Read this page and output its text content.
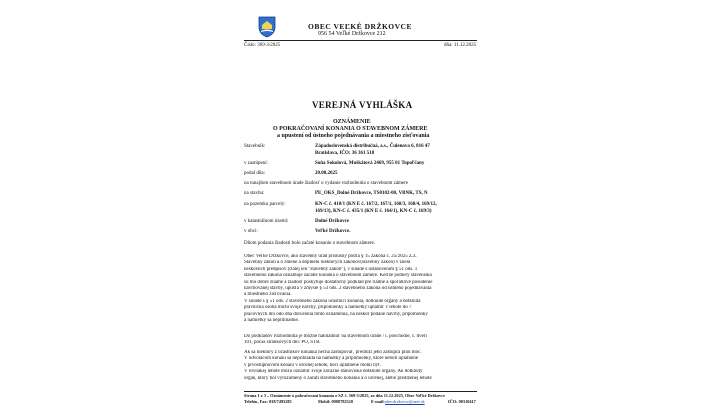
OBEC VEĽKÉ DRŽKOVCE
956 54 Veľké Držkovce 212
Číslo: 369-3/2025	dňa: 11.12.2025
VEREJNÁ VYHLÁŠKA
OZNÁMENIE
O POKRAČOVANÍ KONANIA O STAVEBNOM ZÁMERE
a upustení od ústneho pojednávania a miestneho zisťovania
Stavebník:	Západoslovenská distribučná, a.s., Čulenova 6, 816 47
Bratislava, IČO: 36 361 518
v zastúpení:	Soňa Sokolová, Muškátová 2469, 955 01 Topoľčany
podal dňa:	20.08.2025
na tunajšom stavebnom úrade žiadosť o vydanie rozhodnutia o stavebnom zámere
na stavbu:	PE_OKS_Dolné Držkovce, TS0102-00, VBNK, TS, N
na pozemku parcely:	KN-C č. 410/1 (KN E č. 167/2, 167/1, 168/3, 168/4, 169/12,
169/13), KN-C č. 435/1 (KN E č. 164/1), KN-C č. 169/3)
v katastrálnom území:	Dolné Držkovce
v obci:	Veľké Držkovce.
Dňom podania žiadosti bolo začaté konanie o stavebnom zámere.
Obec Veľké Držkovce, ako stavebný úrad príslušný podľa § 15 zákona č. 25/2025 Z.z.
Stavebný zákon a o zmene a doplnení niektorých zákonov(stavebný zákon) v znení
neskorších predpisov (ďalej len "stavebný zákon"), v súlade s ustanovením § 51 ods. 1
stavebného zákona oznamuje začatie konania o stavebnom zámere. Keďže pomery staveniska
sú mu dobre známe a žiadosť poskytuje dostatočný podklad pre riadne a spoľahlivé posúdenie
navrhovanej stavby, upúšťa v zmysle § 53 ods. 2 stavebného zákona od ústneho pojednávania
a miestneho zisťovania.
V súlade s § 51 ods. 2 stavebného zákona účastníci konania, dotknuté orgány a dotknutá
právnická osoba môžu svoje návrhy, pripomienky a námietky uplatniť v lehote do 7
pracovných dní odo dňa doručenia tohto oznámenia, na neskôr podané návrhy, pripomienky
a námietky sa neprihliadne.
Do podkladov rozhodnutia je možné nahliadnuť na stavebnom úrade / i. poschodie, č. dverí
101, počas stránkových dní: PO, STR.
Ak sa niektorý z účastníkov konania nechá zastupovať, predloží jeho zástupca plnú moc.
V odvolacom konaní sa neprihliada na námietky a pripomienky, ktoré neboli uplatnené
v prvostupňovom konaní v určenej lehote, hoci uplatnené mohli byť.
V rovnakej lehote môžu oznámiť svoje záväzné stanoviská dotknuté orgány. Ak dotknutý
orgán, ktorý bol vyrozumený o začatí stavebného konania a o určenej, alebo predĺženej lehote
Strana 1 z 3 – Oznámenie o pokračovaní konania o SZ č. 369-3/2025, zo dňa 11.12.2025, Obec Veľké Držkovce
Telefón, Fax: 038/7495285	Mobil: 0908782520	E-mail: obecdrzkovce@azet.sk	IČO: 00310417
